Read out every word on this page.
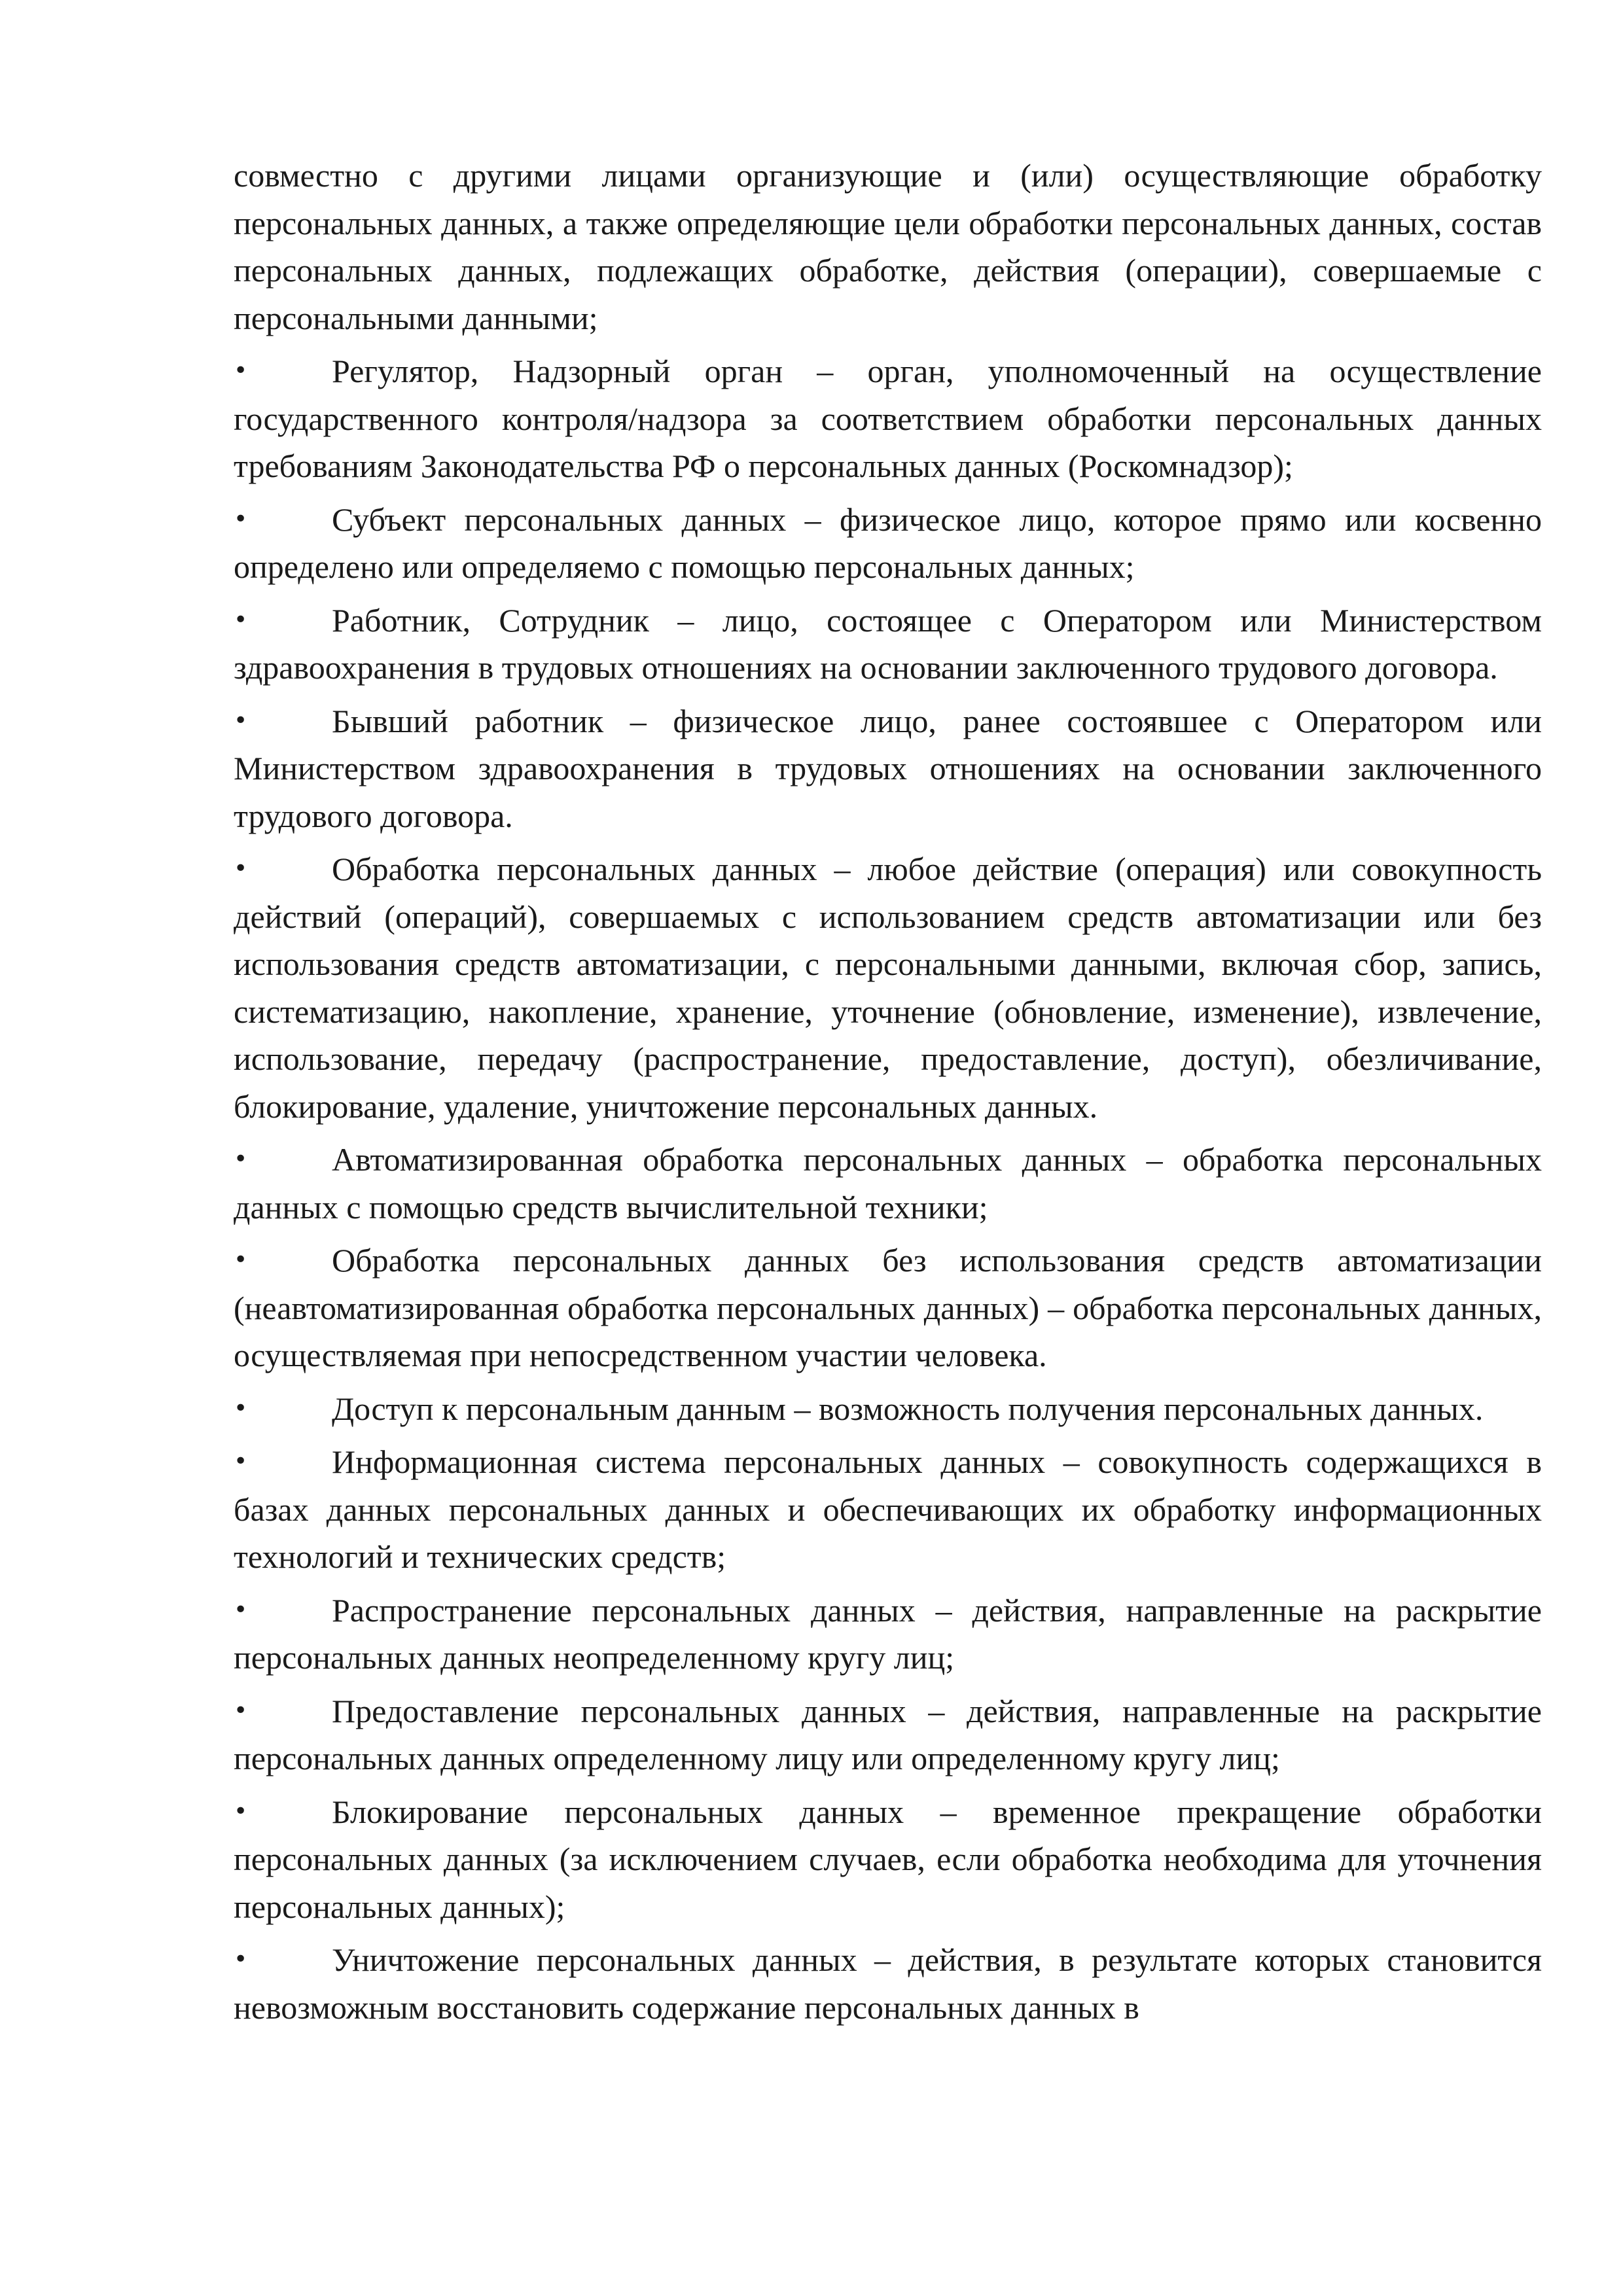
совместно с другими лицами организующие и (или) осуществляющие обработку персональных данных, а также определяющие цели обработки персональных данных, состав персональных данных, подлежащих обработке, действия (операции), совершаемые с персональными данными;

•	Регулятор, Надзорный орган – орган, уполномоченный на осуществление государственного контроля/надзора за соответствием обработки персональных данных требованиям Законодательства РФ о персональных данных (Роскомнадзор);
•	Субъект персональных данных – физическое лицо, которое прямо или косвенно определено или определяемо с помощью персональных данных;
•	Работник, Сотрудник – лицо, состоящее с Оператором или Министерством здравоохранения в трудовых отношениях на основании заключенного трудового договора.
•	Бывший работник – физическое лицо, ранее состоявшее с Оператором или Министерством здравоохранения в трудовых отношениях на основании заключенного трудового договора.
•	Обработка персональных данных – любое действие (операция) или совокупность действий (операций), совершаемых с использованием средств автоматизации или без использования средств автоматизации, с персональными данными, включая сбор, запись, систематизацию, накопление, хранение, уточнение (обновление, изменение), извлечение, использование, передачу (распространение, предоставление, доступ), обезличивание, блокирование, удаление, уничтожение персональных данных.
•	Автоматизированная обработка персональных данных – обработка персональных данных с помощью средств вычислительной техники;
•	Обработка персональных данных без использования средств автоматизации (неавтоматизированная обработка персональных данных) – обработка персональных данных, осуществляемая при непосредственном участии человека.
•	Доступ к персональным данным – возможность получения персональных данных.
•	Информационная система персональных данных – совокупность содержащихся в базах данных персональных данных и обеспечивающих их обработку информационных технологий и технических средств;
•	Распространение персональных данных – действия, направленные на раскрытие персональных данных неопределенному кругу лиц;
•	Предоставление персональных данных – действия, направленные на раскрытие персональных данных определенному лицу или определенному кругу лиц;
•	Блокирование персональных данных – временное прекращение обработки персональных данных (за исключением случаев, если обработка необходима для уточнения персональных данных);
•	Уничтожение персональных данных – действия, в результате которых становится невозможным восстановить содержание персональных данных в
